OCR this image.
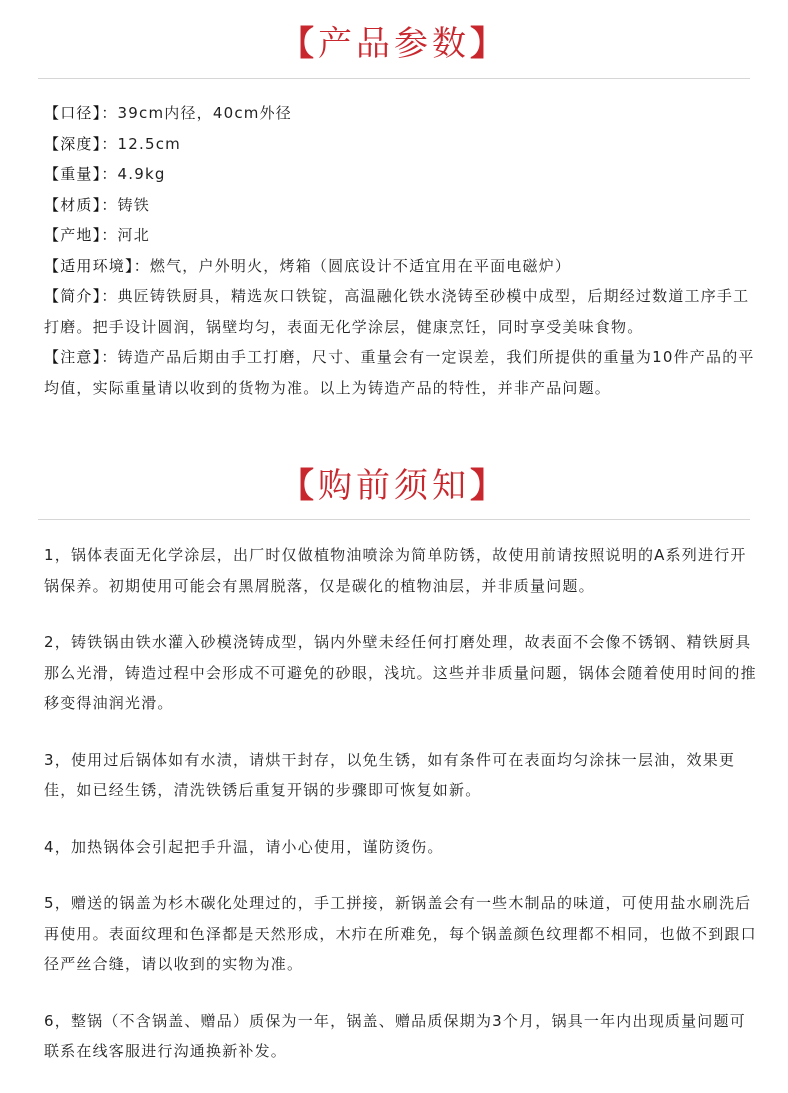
【产品参数】
【口径】：39cm内径，40cm外径
【深度】：12.5cm
【重量】：4.9kg
【材质】：铸铁
【产地】：河北
【适用环境】：燃气，户外明火，烤箱（圆底设计不适宜用在平面电磁炉）
【简介】：典匠铸铁厨具，精选灰口铁锭，高温融化铁水浇铸至砂模中成型，后期经过数道工序手工打磨。把手设计圆润，锅壁均匀，表面无化学涂层，健康烹饪，同时享受美味食物。
【注意】：铸造产品后期由手工打磨，尺寸、重量会有一定误差，我们所提供的重量为10件产品的平均值，实际重量请以收到的货物为准。以上为铸造产品的特性，并非产品问题。
【购前须知】
1，锅体表面无化学涂层，出厂时仅做植物油喷涂为简单防锈，故使用前请按照说明的A系列进行开锅保养。初期使用可能会有黑屑脱落，仅是碳化的植物油层，并非质量问题。
2，铸铁锅由铁水灌入砂模浇铸成型，锅内外壁未经任何打磨处理，故表面不会像不锈钢、精铁厨具那么光滑，铸造过程中会形成不可避免的砂眼，浅坑。这些并非质量问题，锅体会随着使用时间的推移变得油润光滑。
3，使用过后锅体如有水渍，请烘干封存，以免生锈，如有条件可在表面均匀涂抹一层油，效果更佳，如已经生锈，清洗铁锈后重复开锅的步骤即可恢复如新。
4，加热锅体会引起把手升温，请小心使用，谨防烫伤。
5，赠送的锅盖为杉木碳化处理过的，手工拼接，新锅盖会有一些木制品的味道，可使用盐水刷洗后再使用。表面纹理和色泽都是天然形成，木疖在所难免，每个锅盖颜色纹理都不相同，也做不到跟口径严丝合缝，请以收到的实物为准。
6，整锅（不含锅盖、赠品）质保为一年，锅盖、赠品质保期为3个月，锅具一年内出现质量问题可联系在线客服进行沟通换新补发。
